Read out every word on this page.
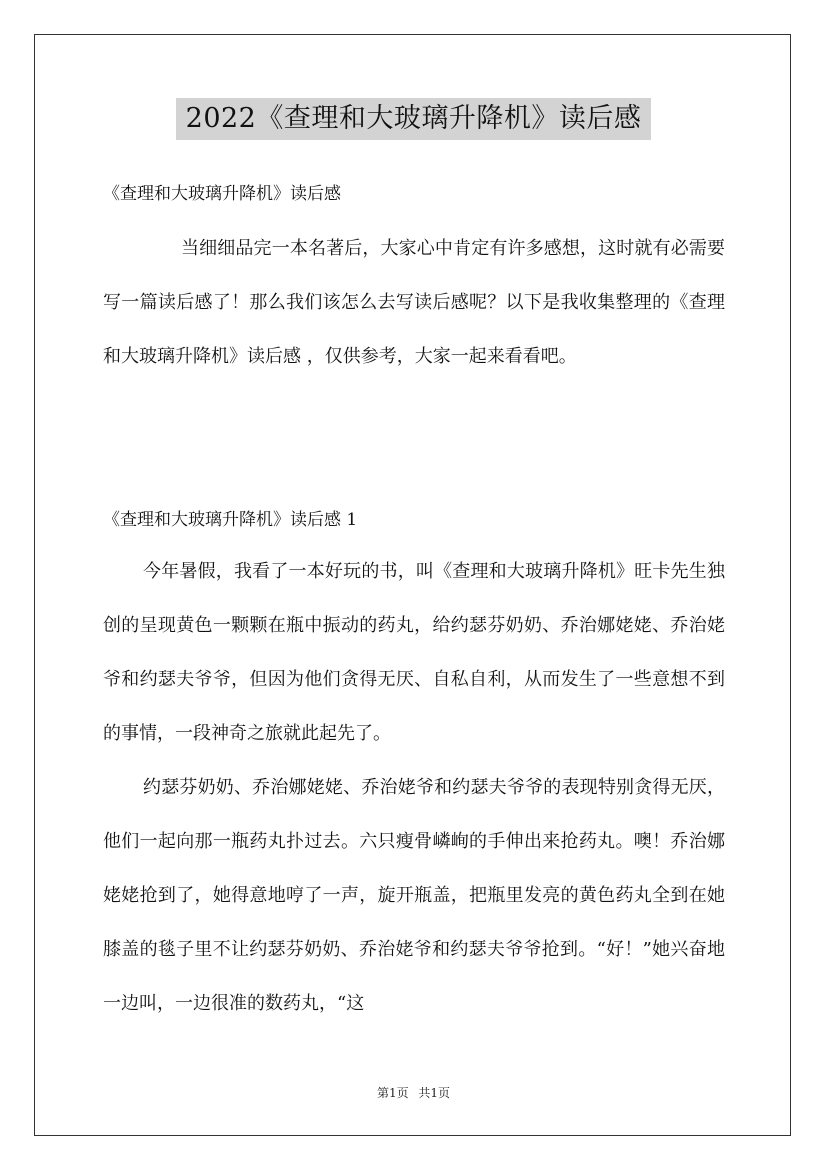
2022《查理和大玻璃升降机》读后感
《查理和大玻璃升降机》读后感

当细细品完一本名著后，大家心中肯定有许多感想，这时就有必需要写一篇读后感了！那么我们该怎么去写读后感呢？以下是我收集整理的《查理和大玻璃升降机》读后感 ，仅供参考，大家一起来看看吧。

《查理和大玻璃升降机》读后感 1

今年暑假，我看了一本好玩的书，叫《查理和大玻璃升降机》旺卡先生独创的呈现黄色一颗颗在瓶中振动的药丸，给约瑟芬奶奶、乔治娜姥姥、乔治姥爷和约瑟夫爷爷，但因为他们贪得无厌、自私自利，从而发生了一些意想不到的事情，一段神奇之旅就此起先了。

约瑟芬奶奶、乔治娜姥姥、乔治姥爷和约瑟夫爷爷的表现特别贪得无厌，他们一起向那一瓶药丸扑过去。六只瘦骨嶙峋的手伸出来抢药丸。噢！乔治娜姥姥抢到了，她得意地哼了一声，旋开瓶盖，把瓶里发亮的黄色药丸全到在她膝盖的毯子里不让约瑟芬奶奶、乔治姥爷和约瑟夫爷爷抢到。“好！”她兴奋地一边叫，一边很准的数药丸，“这

第1页 共1页
